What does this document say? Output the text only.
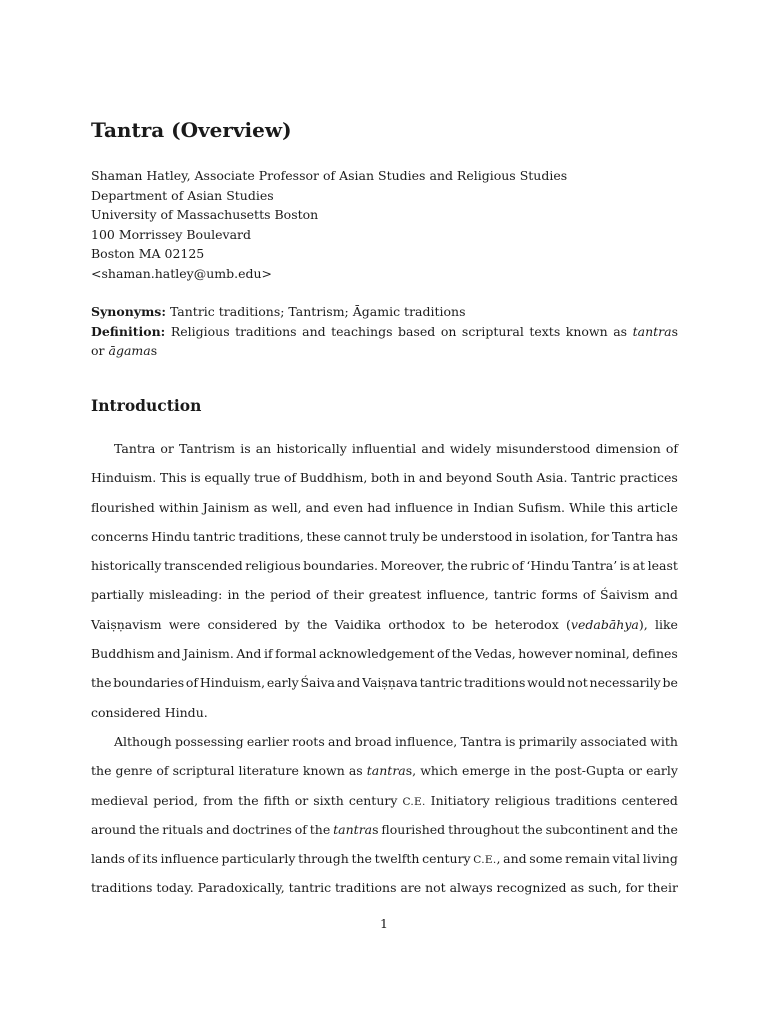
Tantra (Overview)
Shaman Hatley, Associate Professor of Asian Studies and Religious Studies
Department of Asian Studies
University of Massachusetts Boston
100 Morrissey Boulevard
Boston MA 02125
<shaman.hatley@umb.edu>

Synonyms: Tantric traditions; Tantrism; Āgamic traditions

Definition: Religious traditions and teachings based on scriptural texts known as tantras or āgamas

Introduction
Tantra or Tantrism is an historically influential and widely misunderstood dimension of
Hinduism. This is equally true of Buddhism, both in and beyond South Asia. Tantric practices
flourished within Jainism as well, and even had influence in Indian Sufism. While this article
concerns Hindu tantric traditions, these cannot truly be understood in isolation, for Tantra has
historically transcended religious boundaries. Moreover, the rubric of ‘Hindu Tantra’ is at least
partially misleading: in the period of their greatest influence, tantric forms of Śaivism and
Vaiṣṇavism were considered by the Vaidika orthodox to be heterodox (vedabāhya), like
Buddhism and Jainism. And if formal acknowledgement of the Vedas, however nominal, defines
the boundaries of Hinduism, early Śaiva and Vaiṣṇava tantric traditions would not necessarily be
considered Hindu.
Although possessing earlier roots and broad influence, Tantra is primarily associated with
the genre of scriptural literature known as tantras, which emerge in the post-Gupta or early
medieval period, from the fifth or sixth century C.E. Initiatory religious traditions centered
around the rituals and doctrines of the tantras flourished throughout the subcontinent and the
lands of its influence particularly through the twelfth century C.E., and some remain vital living
traditions today. Paradoxically, tantric traditions are not always recognized as such, for their
1
